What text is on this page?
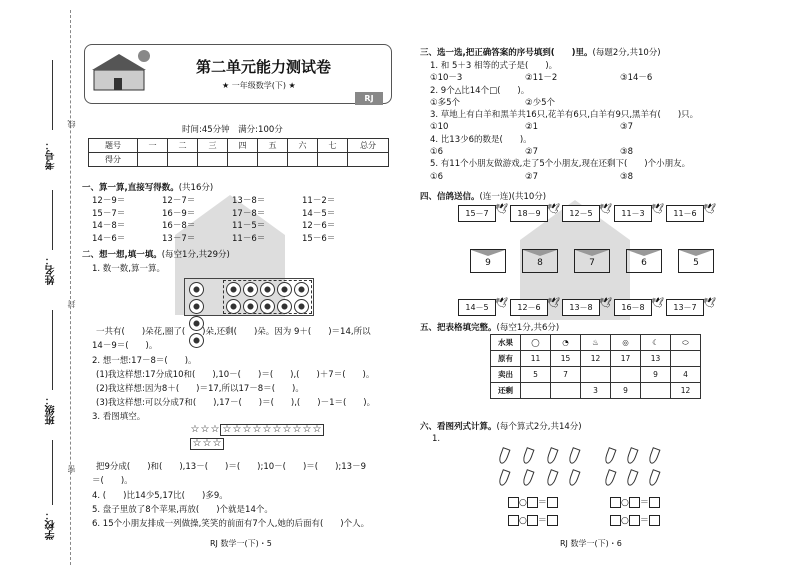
考号：
姓名：
班级：
学校：
线
封
密
第二单元能力测试卷
★ 一年级数学(下) ★
RJ
时间:45分钟　满分:100分
题号	一	二	三	四	五	六	七	总分
得分								
一、算一算,直接写得数。(共16分)
12－9＝	12－7＝	13－8＝	11－2＝
15－7＝	16－9＝	17－8＝	14－5＝
14－8＝	16－8＝	11－5＝	12－6＝
14－6＝	13－7＝	11－6＝	15－6＝
二、想一想,填一填。(每空1分,共29分)
1. 数一数,算一算。

一共有(　　)朵花,圈了(　　)朵,还剩(　　)朵。因为 9＋(　　)＝14,所以
14－9＝(　　)。
2. 想一想:17－8＝(　　)。
(1)我这样想:17分成10和(　　),10－(　　)＝(　　),(　　)＋7＝(　　)。
(2)我这样想:因为8＋(　　)＝17,所以17－8＝(　　)。
(3)我这样想:可以分成7和(　　),17－(　　)＝(　　),(　　)－1＝(　　)。
3. 看图填空。
☆☆☆ ☆☆☆☆☆☆☆☆☆☆
☆☆☆
把9分成(　　)和(　　),13－(　　)＝(　　);10－(　　)＝(　　);13－9
＝(　　)。
4. (　　)比14少5,17比(　　)多9。
5. 盘子里放了8个苹果,再放(　　)个就是14个。
6. 15个小朋友排成一列做操,笑笑的前面有7个人,她的后面有(　　)个人。
RJ 数学一(下)・5
三、选一选,把正确答案的序号填到(　　)里。(每题2分,共10分)
1. 和 5＋3 相等的式子是(　　)。
①10－3	②11－2	③14－6
2. 9个△比14个□(　　)。
①多5个	②少5个
3. 草地上有白羊和黑羊共16只,花羊有6只,白羊有9只,黑羊有(　　)只。
①10	②1	③7
4. 比13少6的数是(　　)。
①6	②7	③8
5. 有11个小朋友做游戏,走了5个小朋友,现在还剩下(　　)个小朋友。
①6	②7	③8
四、信鸽送信。(连一连)(共10分)
15－7 🕊	18－9 🕊	12－5 🕊	11－3 🕊	11－6 🕊
9	8	7	6	5
14－5 🕊	12－6 🕊	13－8 🕊	16－8 🕊	13－7 🕊
五、把表格填完整。(每空1分,共6分)
水果	◯	◔	♨	◎	☾	⬭
原有	11	15	12	17	13	
卖出	5	7			9	4
还剩			3	9		12
六、看图列式计算。(每个算式2分,共14分)
1.
○ ＝
○ ＝
○ ＝
○ ＝
RJ 数学一(下)・6
